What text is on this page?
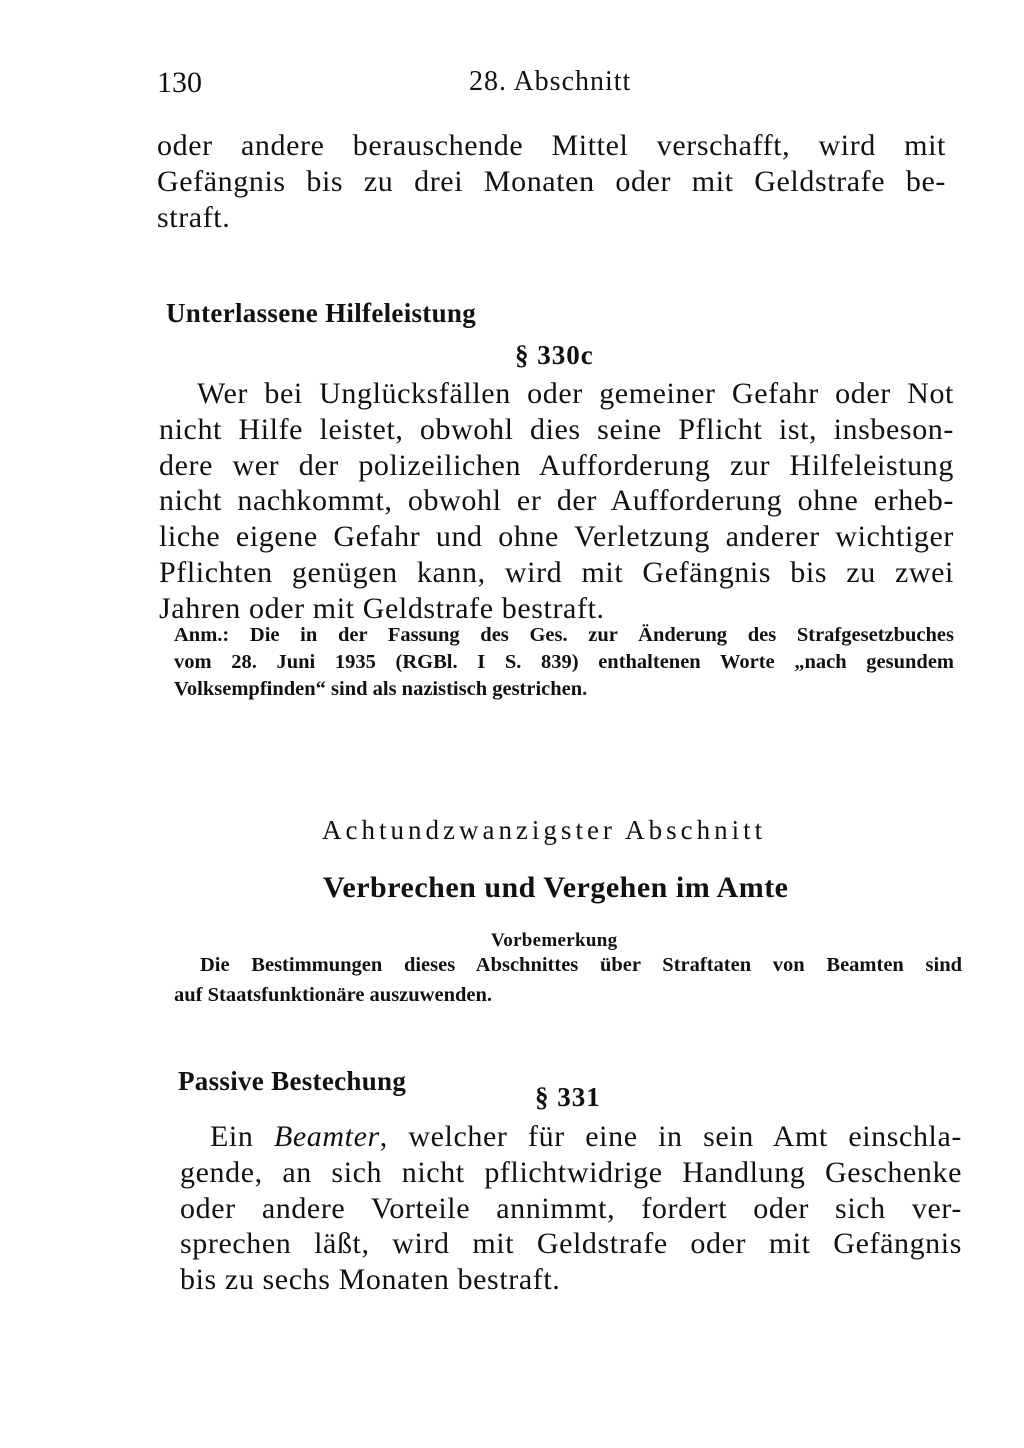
130	28. Abschnitt
oder andere berauschende Mittel verschafft, wird mit
Gefängnis bis zu drei Monaten oder mit Geldstrafe be-
straft.
Unterlassene Hilfeleistung
§ 330c
Wer bei Unglücksfällen oder gemeiner Gefahr oder Not
nicht Hilfe leistet, obwohl dies seine Pflicht ist, insbeson-
dere wer der polizeilichen Aufforderung zur Hilfeleistung
nicht nachkommt, obwohl er der Aufforderung ohne erheb-
liche eigene Gefahr und ohne Verletzung anderer wichtiger
Pflichten genügen kann, wird mit Gefängnis bis zu zwei
Jahren oder mit Geldstrafe bestraft.
Anm.: Die in der Fassung des Ges. zur Änderung des Strafgesetzbuches
vom 28. Juni 1935 (RGBl. I S. 839) enthaltenen Worte „nach gesundem
Volksempfinden“ sind als nazistisch gestrichen.
Achtundzwanzigster Abschnitt
Verbrechen und Vergehen im Amte
Vorbemerkung
Die Bestimmungen dieses Abschnittes über Straftaten von Beamten sind
auf Staatsfunktionäre auszuwenden.
Passive Bestechung
§ 331
Ein Beamter, welcher für eine in sein Amt einschla-
gende, an sich nicht pflichtwidrige Handlung Geschenke
oder andere Vorteile annimmt, fordert oder sich ver-
sprechen läßt, wird mit Geldstrafe oder mit Gefängnis
bis zu sechs Monaten bestraft.
